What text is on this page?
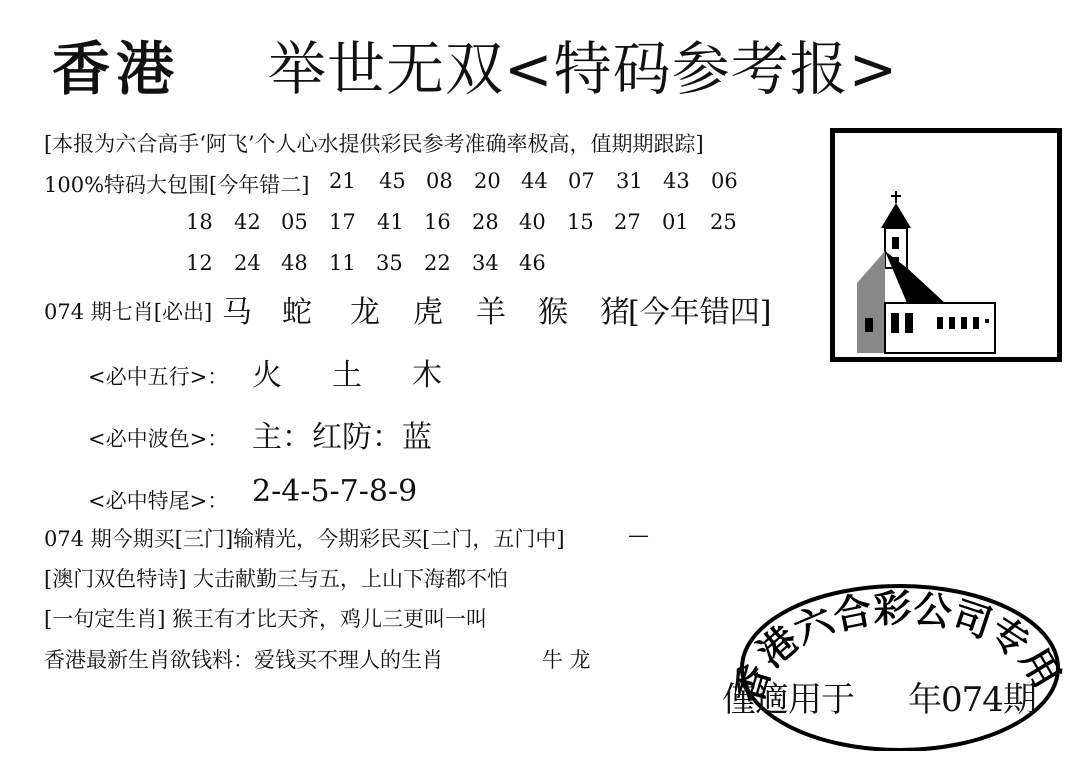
香港 举世无双<特码参考报>
[本报为六合高手‘阿飞’个人心水提供彩民参考准确率极高，值期期跟踪]
100%特码大包围[今年错二] 21 45 08 20 44 07 31 43 06
18 42 05 17 41 16 28 40 15 27 01 25
12 24 48 11 35 22 34 46
074 期七肖[必出] 马 蛇 龙 虎 羊 猴 猪
[今年错四]
<必中五行>： 火 土 木
<必中波色>： 主：红防：蓝
<必中特尾>： 2-4-5-7-8-9
074 期今期买[三门]输精光，今期彩民买[二门，五门中]	—
[澳门双色特诗] 大击献勤三与五，上山下海都不怕
[一句定生肖] 猴王有才比天齐，鸡儿三更叫一叫
香港最新生肖欲钱料：爱钱买不理人的生肖	牛 龙	港六合彩公司专用
僅適用于 年074期
